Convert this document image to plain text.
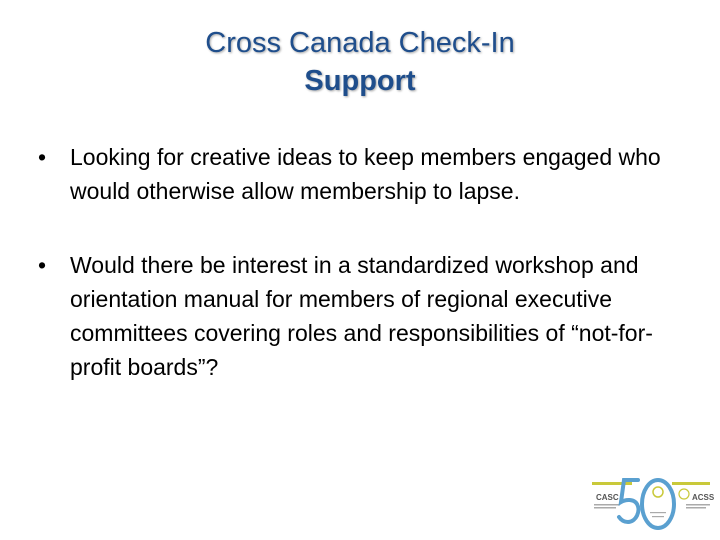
Cross Canada Check-In
Support
• Looking for creative ideas to keep members engaged who would otherwise allow membership to lapse.
• Would there be interest in a standardized workshop and orientation manual for members of regional executive committees covering roles and responsibilities of “not-for-profit boards”?
CASC	ACSS
